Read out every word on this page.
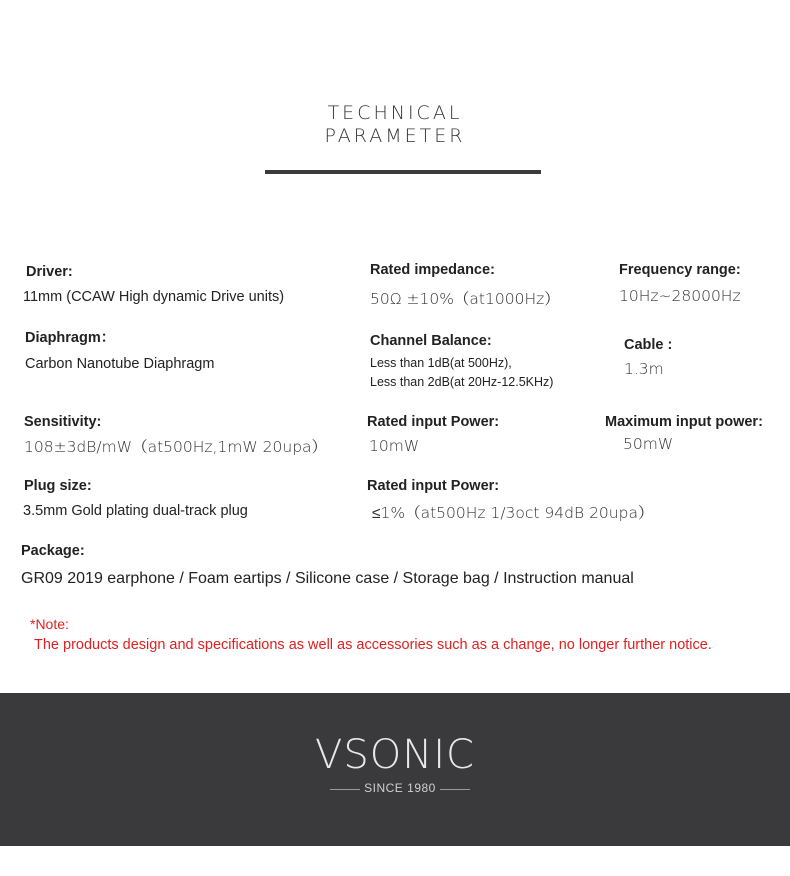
TECHNICAL
PARAMETER
Driver:
11mm (CCAW High dynamic Drive units)
Rated impedance:
50Ω ±10%（at1000Hz）
Frequency range:
10Hz~28000Hz
Diaphragm：
Carbon Nanotube Diaphragm
Channel Balance:
Less than 1dB(at 500Hz),
Less than 2dB(at 20Hz-12.5KHz)
Cable :
1.3m
Sensitivity:
108±3dB/mW（at500Hz,1mW 20upa）
Rated input Power:
10mW
Maximum input power:
50mW
Plug size:
3.5mm Gold plating dual-track plug
Rated input Power:
≤1%（at500Hz 1/3oct 94dB 20upa）
Package:
GR09 2019 earphone / Foam eartips / Silicone case / Storage bag / Instruction manual
*Note:
The products design and specifications as well as accessories such as a change, no longer further notice.
VSONIC
SINCE 1980
